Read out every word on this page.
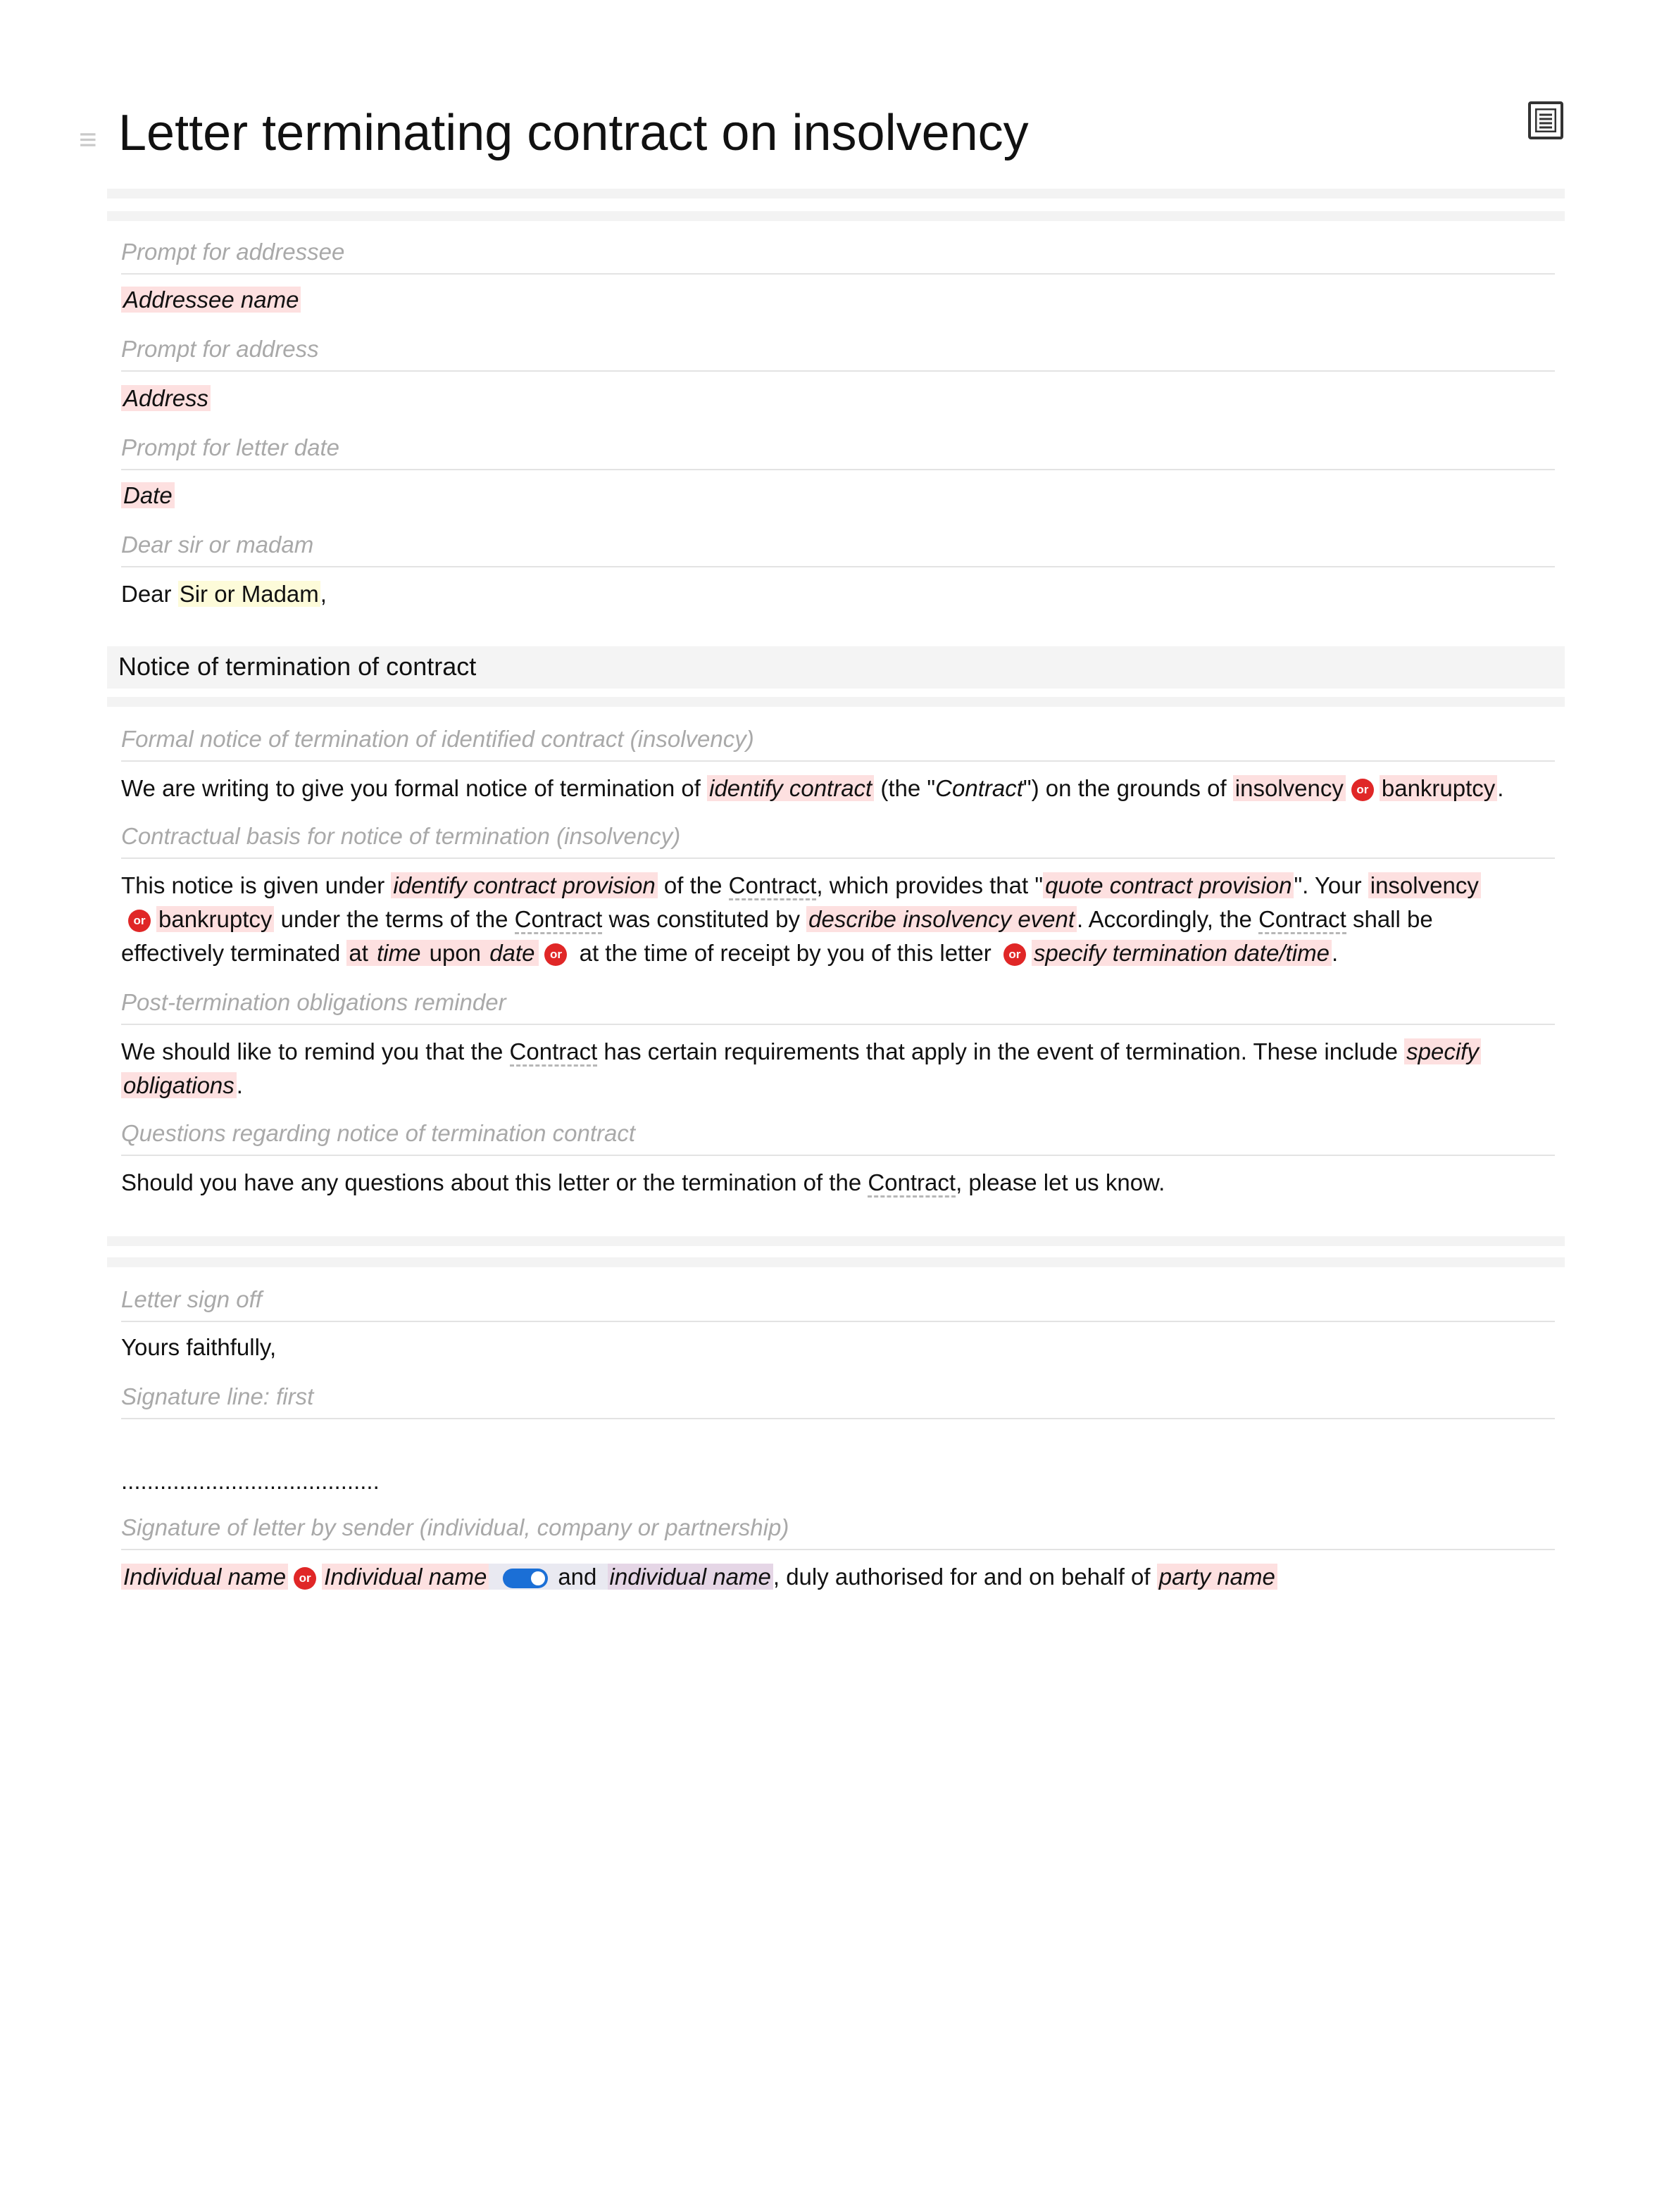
≡ Letter terminating contract on insolvency
Prompt for addressee
Addressee name
Prompt for address
Address
Prompt for letter date
Date
Dear sir or madam
Dear Sir or Madam,
Notice of termination of contract
Formal notice of termination of identified contract (insolvency)
We are writing to give you formal notice of termination of identify contract (the "Contract") on the grounds of insolvency or bankruptcy.
Contractual basis for notice of termination (insolvency)
This notice is given under identify contract provision of the Contract, which provides that "quote contract provision". Your insolvency
or bankruptcy under the terms of the Contract was constituted by describe insolvency event. Accordingly, the Contract shall be
effectively terminated at time upon date or at the time of receipt by you of this letter or specify termination date/time.
Post-termination obligations reminder
We should like to remind you that the Contract has certain requirements that apply in the event of termination. These include specify
obligations.
Questions regarding notice of termination contract
Should you have any questions about this letter or the termination of the Contract, please let us know.
Letter sign off
Yours faithfully,
Signature line: first
........................................
Signature of letter by sender (individual, company or partnership)
Individual name or Individual name	and individual name, duly authorised for and on behalf of party name
